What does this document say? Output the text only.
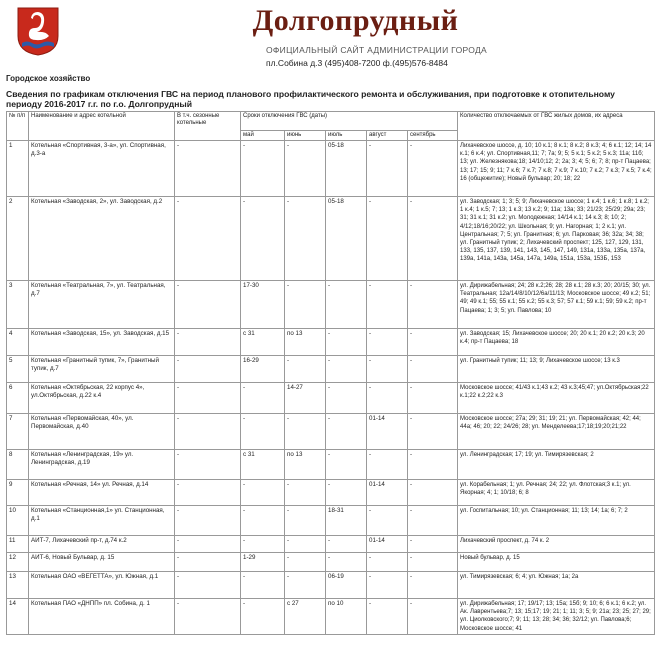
Долгопрудный
ОФИЦИАЛЬНЫЙ САЙТ АДМИНИСТРАЦИИ ГОРОДА
пл.Собина д.3 (495)408-7200 ф.(495)576-8484
Городское хозяйство
Сведения по графикам отключения ГВС на период планового профилактического ремонта и обслуживания, при подготовке к отопительному периоду 2016-2017 г.г. по г.о. Долгопрудный
№ п/п	Наименование и адрес котельной	В т.ч. сезонные котельные	Сроки отключения ГВС (даты)					Количество отключаемых от ГВС жилых домов, их адреса
			май	июнь	июль	август	сентябрь	
1	Котельная «Спортивная, 3-а», ул. Спортивная, д.3-а	-	-	-	05-18	-	-	Лихачевское шоссе, д. 10; 10 к.1; 8 к.1; 8 к.2; 8 к.3; 4; 6 к.1; 12; 14; 14 к.1; 6 к.4; ул. Спортивная,11; 7; 7а; 9; 5; 5 к.1; 5 к.2; 5 к.3; 11а; 11б; 13; ул. Железнякова;18; 14/10;12; 2; 2а; 3; 4; 5; 6; 7; 8; пр-т Пацаева; 13; 17; 15; 9; 11; 7 к.6; 7 к.7; 7 к.8; 7 к.9; 7 к.10; 7 к.2; 7 к.3; 7 к.5; 7 к.4; 16 (общежитие); Новый бульвар; 20; 18; 22
2	Котельная «Заводская, 2», ул. Заводская, д.2	-	-	-	05-18	-	-	ул. Заводская; 1; 3; 5; 9; Лихачевское шоссе; 1 к.4; 1 к.6; 1 к.8; 1 к.2; 1 к.4; 1 к.5; 7; 13; 1 к.3; 13 к.2; 9; 11а; 13а; 33; 21/23; 25/29; 29а; 23; 31; 31 к.1; 31 к.2; ул. Молодежная; 14/14 к.1; 14 к.3; 8; 10; 2; 4/12;18/16;20/22; ул. Школьная; 9; ул. Нагорная; 1; 2 к.1; ул. Центральная; 7; 5; ул. Гранитная; 6; ул. Парковая; 36; 32а; 34; 38; ул. Гранитный тупик; 2; Лихачевский проспект; 125, 127, 129, 131, 133, 135, 137, 139, 141, 143, 145, 147, 149, 131а, 133а, 135а, 137а, 139а, 141а, 143а, 145а, 147а, 149а, 151а, 153а, 153Б, 153
3	Котельная «Театральная, 7», ул. Театральная, д.7	-	17-30	-	-	-	-	ул. Дирижабельная; 24; 28 к.2;26; 28; 28 к.1; 28 к.3; 20; 20/15; 30; ул. Театральная; 12а/14/8/10/12/6а/11/13; Московское шоссе; 49 к.2; 51; 49; 49 к.1; 55; 55 к.1; 55 к.2; 55 к.3; 57; 57 к.1; 59 к.1; 59; 59 к.2; пр-т Пацаева; 1; 3; 5; ул. Павлова; 10
4	Котельная «Заводская, 15», ул. Заводская, д.15	-	с 31	по 13	-	-	-	ул. Заводская; 15; Лихачевское шоссе; 20; 20 к.1; 20 к.2; 20 к.3; 20 к.4; пр-т Пацаева; 18
5	Котельная «Гранитный тупик, 7», Гранитный тупик, д.7	-	16-29	-	-	-	-	ул. Гранитный тупик; 11; 13; 9; Лихачевское шоссе; 13 к.3
6	Котельная «Октябрьская, 22 корпус 4», ул.Октябрьская, д.22 к.4	-	-	14-27	-	-	-	Московское шоссе; 41/43 к.1;43 к.2; 43 к.3;45;47; ул.Октябрьская;22 к.1;22 к.2;22 к.3
7	Котельная «Первомайская, 40», ул. Первомайская, д.40	-	-	-	-	01-14	-	Московское шоссе; 27а; 29; 31; 19; 21; ул. Первомайская; 42; 44; 44а; 46; 20; 22; 24/26; 28; ул. Менделеева;17;18;19;20;21;22
8	Котельная «Ленинградская, 19» ул. Ленинградская, д.19	-	с 31	по 13	-	-	-	ул. Ленинградская; 17; 19; ул. Тимирязевская; 2
9	Котельная «Речная, 14» ул. Речная, д.14	-	-	-	-	01-14	-	ул. Корабельная; 1; ул. Речная; 24; 22; ул. Флотская;3 к.1; ул. Якорная; 4; 1; 10/18; 6; 8
10	Котельная «Станционная,1» ул. Станционная, д.1	-	-	-	18-31	-	-	ул. Госпитальная; 10; ул. Станционная; 11; 13; 14; 1а; 6; 7; 2
11	АИТ-7, Лихачевский пр-т, д.74 к.2	-	-	-	-	01-14	-	Лихачевский проспект, д. 74 к. 2
12	АИТ-6, Новый Бульвар, д. 15	-	1-29	-	-	-	-	Новый бульвар, д. 15
13	Котельная ОАО «ВЕГЕТТА», ул. Южная, д.1	-	-	-	06-19	-	-	ул. Тимирязевская; 6; 4; ул. Южная; 1а; 2а
14	Котельная ПАО «ДНПП» пл. Собина, д. 1	-	-	с 27	по 10	-	-	ул. Дирижабельная; 17; 19/17; 13; 15а; 15б; 9; 10; 6; 6 к.1; 6 к.2; ул. Ак. Лаврентьева;7; 13; 15;17; 19; 21; 1; 11; 3; 5; 9; 21а; 23; 25; 27; 29; ул. Циолковского;7; 9; 11; 13; 28; 34; 36; 32/12; ул. Павлова;6; Московское шоссе; 41
